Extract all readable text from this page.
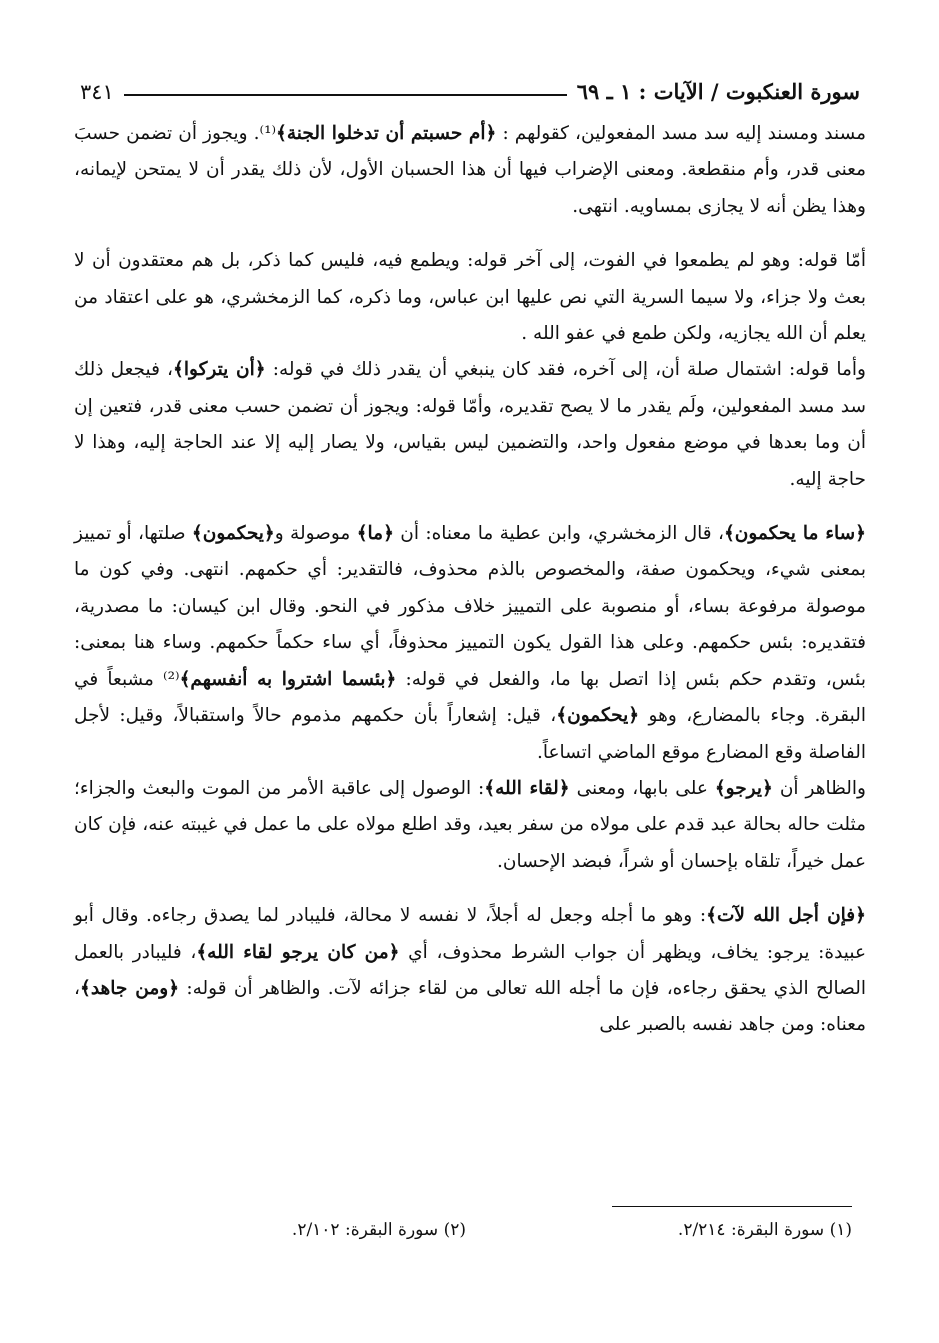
سورة العنكبوت / الآيات : ١ ـ ٦٩
٣٤١

مسند ومسند إليه سد مسد المفعولين، كقولهم : ﴿أم حسبتم أن تدخلوا الجنة﴾⁽¹⁾. ويجوز أن تضمن حسبَ معنى قدر، وأم منقطعة. ومعنى الإضراب فيها أن هذا الحسبان الأول، لأن ذلك يقدر أن لا يمتحن لإيمانه، وهذا يظن أنه لا يجازى بمساويه. انتهى.

أمّا قوله: وهو لم يطمعوا في الفوت، إلى آخر قوله: ويطمع فيه، فليس كما ذكر، بل هم معتقدون أن لا بعث ولا جزاء، ولا سيما السرية التي نص عليها ابن عباس، وما ذكره، كما الزمخشري، هو على اعتقاد من يعلم أن الله يجازيه، ولكن طمع في عفو الله .

وأما قوله: اشتمال صلة أن، إلى آخره، فقد كان ينبغي أن يقدر ذلك في قوله: ﴿أن يتركوا﴾، فيجعل ذلك سد مسد المفعولين، ولَم يقدر ما لا يصح تقديره، وأمّا قوله: ويجوز أن تضمن حسب معنى قدر، فتعين إن أن وما بعدها في موضع مفعول واحد، والتضمين ليس بقياس، ولا يصار إليه إلا عند الحاجة إليه، وهذا لا حاجة إليه.

﴿ساء ما يحكمون﴾، قال الزمخشري، وابن عطية ما معناه: أن ﴿ما﴾ موصولة و﴿يحكمون﴾ صلتها، أو تمييز بمعنى شيء، ويحكمون صفة، والمخصوص بالذم محذوف، فالتقدير: أي حكمهم. انتهى. وفي كون ما موصولة مرفوعة بساء، أو منصوبة على التمييز خلاف مذكور في النحو. وقال ابن كيسان: ما مصدرية، فتقديره: بئس حكمهم. وعلى هذا القول يكون التمييز محذوفاً، أي ساء حكماً حكمهم. وساء هنا بمعنى: بئس، وتقدم حكم بئس إذا اتصل بها ما، والفعل في قوله: ﴿بئسما اشتروا به أنفسهم﴾⁽²⁾ مشبعاً في البقرة. وجاء بالمضارع، وهو ﴿يحكمون﴾، قيل: إشعاراً بأن حكمهم مذموم حالاً واستقبالاً، وقيل: لأجل الفاصلة وقع المضارع موقع الماضي اتساعاً.

والظاهر أن ﴿يرجو﴾ على بابها، ومعنى ﴿لقاء الله﴾: الوصول إلى عاقبة الأمر من الموت والبعث والجزاء؛ مثلت حاله بحالة عبد قدم على مولاه من سفر بعيد، وقد اطلع مولاه على ما عمل في غيبته عنه، فإن كان عمل خيراً، تلقاه بإحسان أو شراً، فبضد الإحسان.

﴿فإن أجل الله لآت﴾: وهو ما أجله وجعل له أجلاً، لا نفسه لا محالة، فليبادر لما يصدق رجاءه. وقال أبو عبيدة: يرجو: يخاف، ويظهر أن جواب الشرط محذوف، أي ﴿من كان يرجو لقاء الله﴾، فليبادر بالعمل الصالح الذي يحقق رجاءه، فإن ما أجله الله تعالى من لقاء جزائه لآت. والظاهر أن قوله: ﴿ومن جاهد﴾، معناه: ومن جاهد نفسه بالصبر على

(١) سورة البقرة: ٢/٢١٤.
(٢) سورة البقرة: ٢/١٠٢.
